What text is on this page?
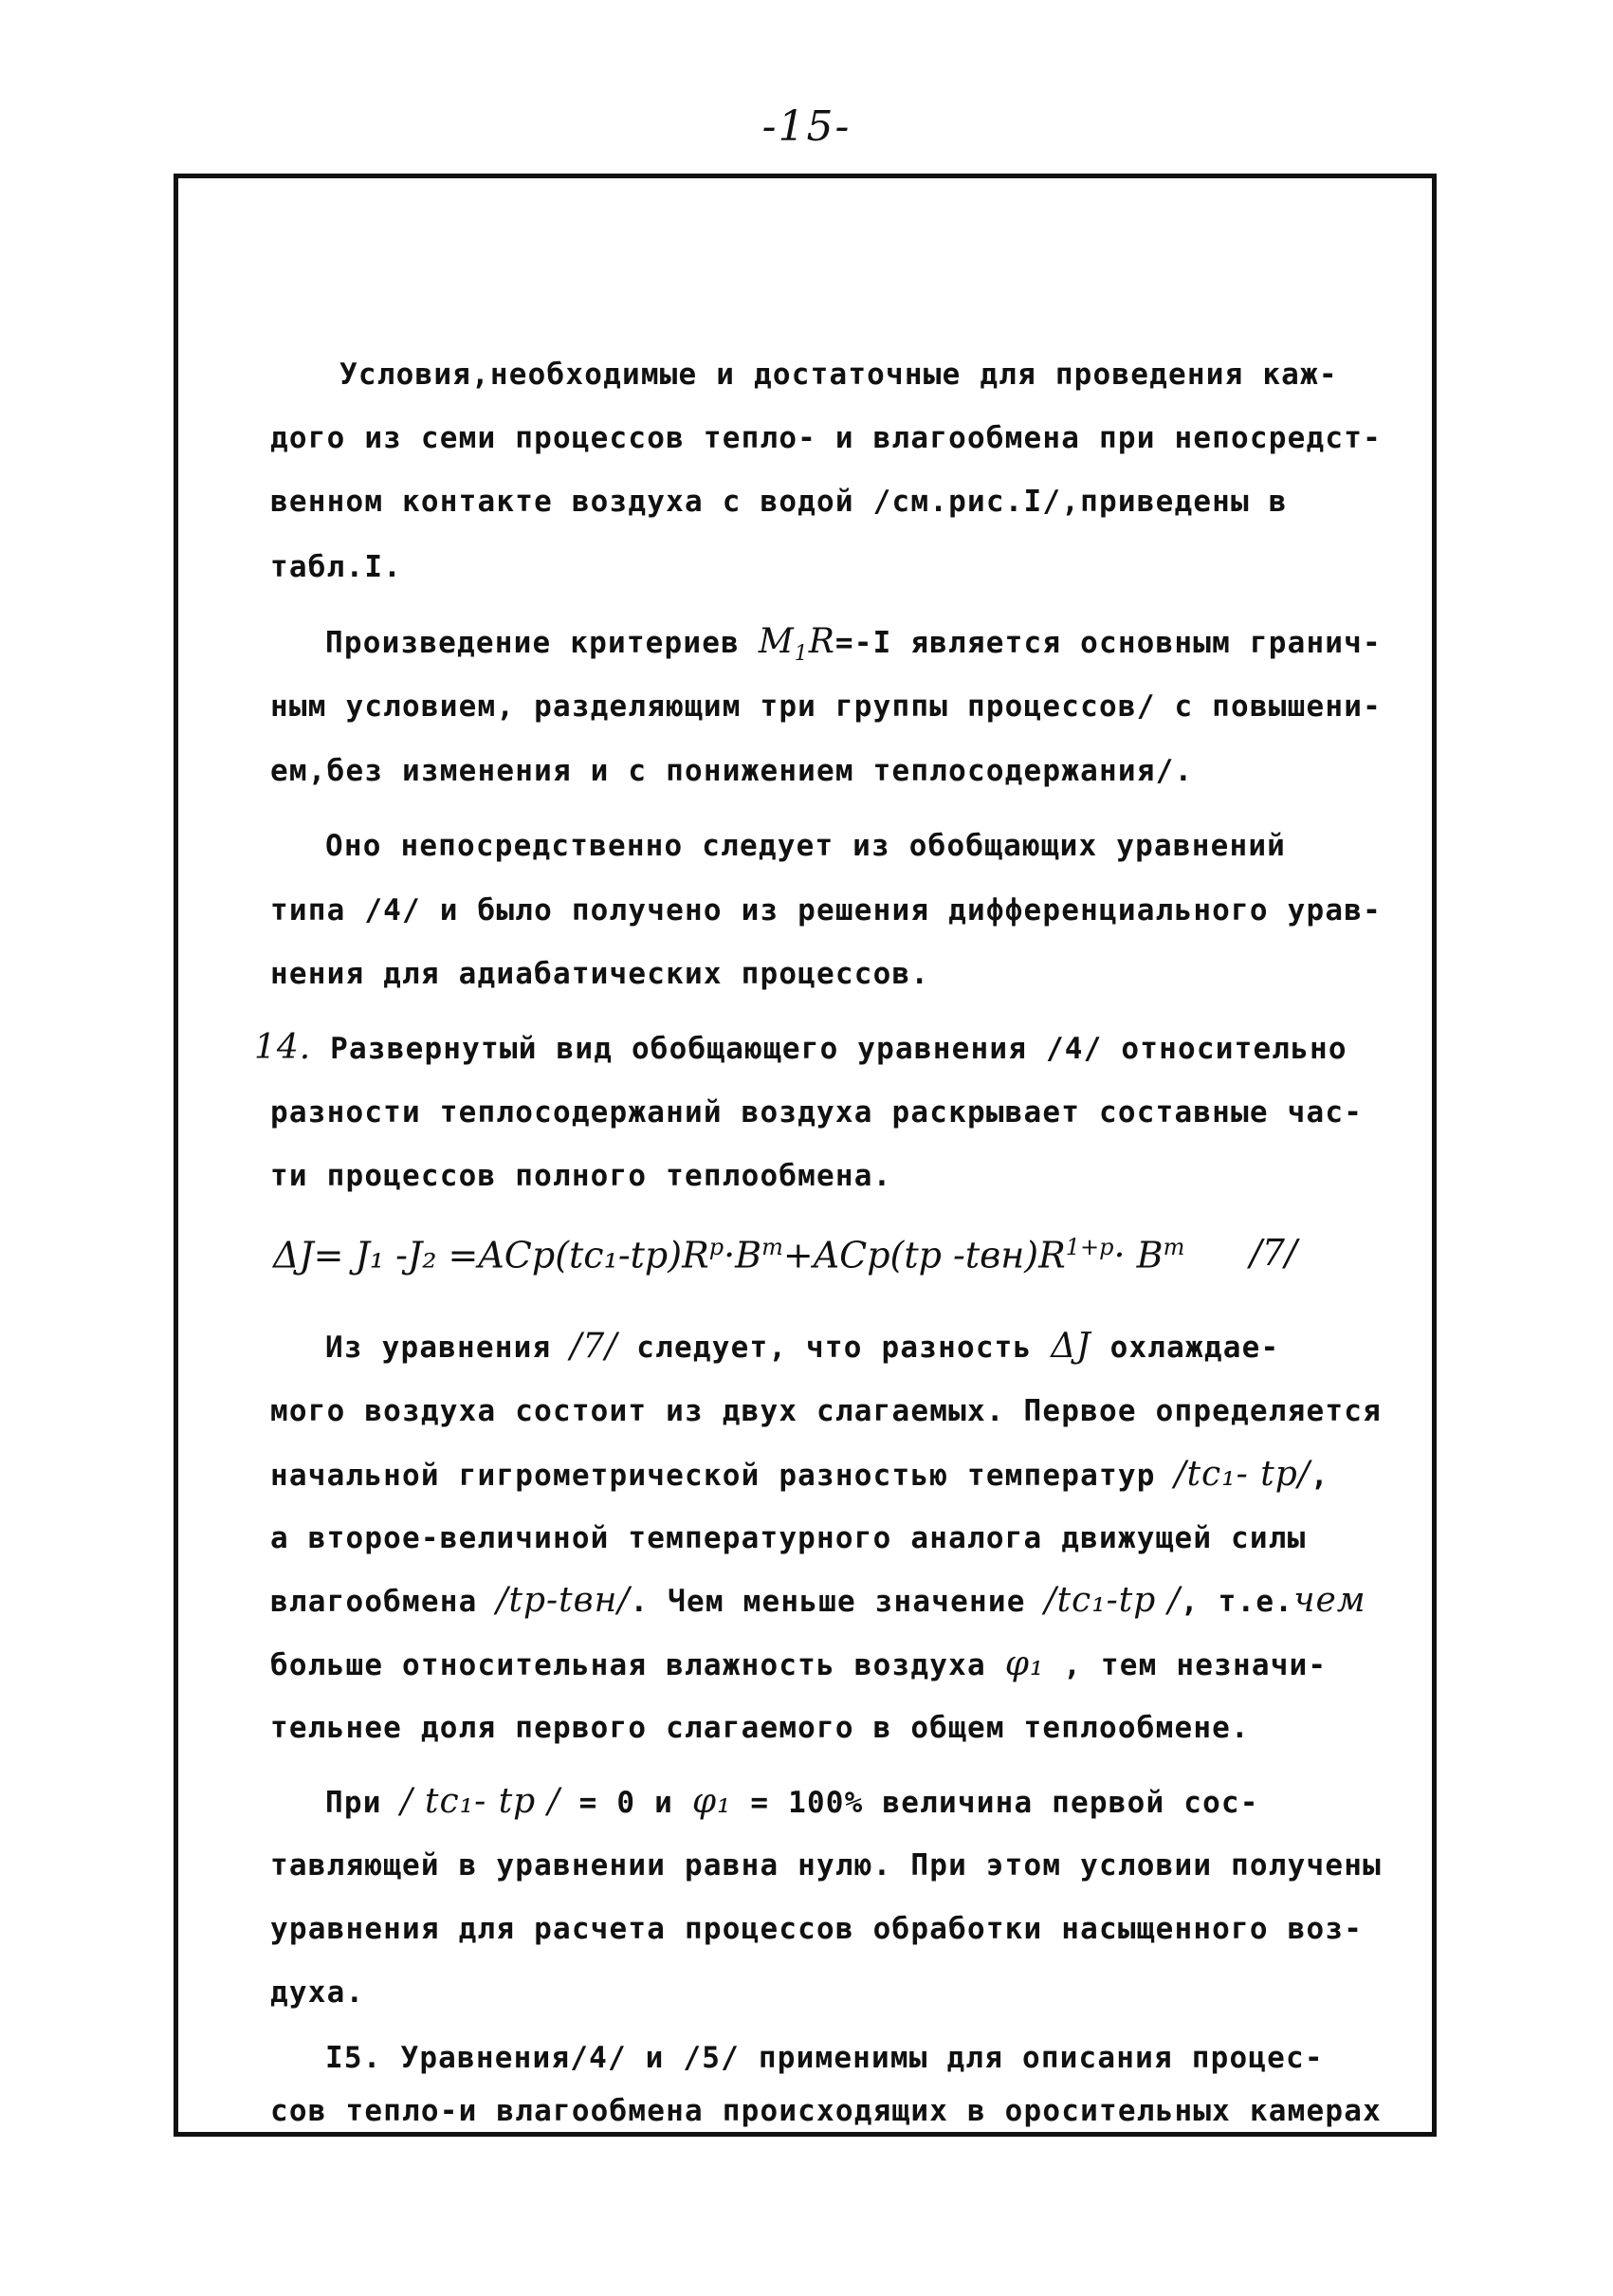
-15-
Условия,необходимые и достаточные для проведения каж-
дого из семи процессов тепло- и влагообмена при непосредст-
венном контакте воздуха с водой /см.рис.I/,приведены в
табл.I.
Произведение критериев $M_1R=-I$ является основным гранич-
ным условием, разделяющим три группы процессов/ с повышени-
ем,без изменения и с понижением теплосодержания/.
Оно непосредственно следует из обобщающих уравнений
типа /4/ и было получено из решения дифференциального урав-
нения для адиабатических процессов.
14. Развернутый вид обобщающего уравнения /4/ относительно
разности теплосодержаний воздуха раскрывает составные час-
ти процессов полного теплообмена.
ΔJ= J₁ $-J_2 =ACp(tc_1-tp)R^p\cdot B^m+ACp(tp$ $-tвн)R^{1+p}\cdot B^m$ /7/
Из уравнения /7/ следует, что разность ΔJ охлаждае-
мого воздуха состоит из двух слагаемых. Первое определяется
начальной гигрометрической разностью температур /tc₁- tp/,
а второе-величиной температурного аналога движущей силы
влагообмена /tp-tвн/. Чем меньше значение /tc₁-tp /, т.е.чем
больше относительная влажность воздуха φ₁ , тем незначи-
тельнее доля первого слагаемого в общем теплообмене.
При / tc₁- tp / = 0 и φ₁ = 100% величина первой сос-
тавляющей в уравнении равна нулю. При этом условии получены
уравнения для расчета процессов обработки насыщенного воз-
духа.
I5. Уравнения/4/ и /5/ применимы для описания процес-
сов тепло-и влагообмена происходящих в оросительных камерах
